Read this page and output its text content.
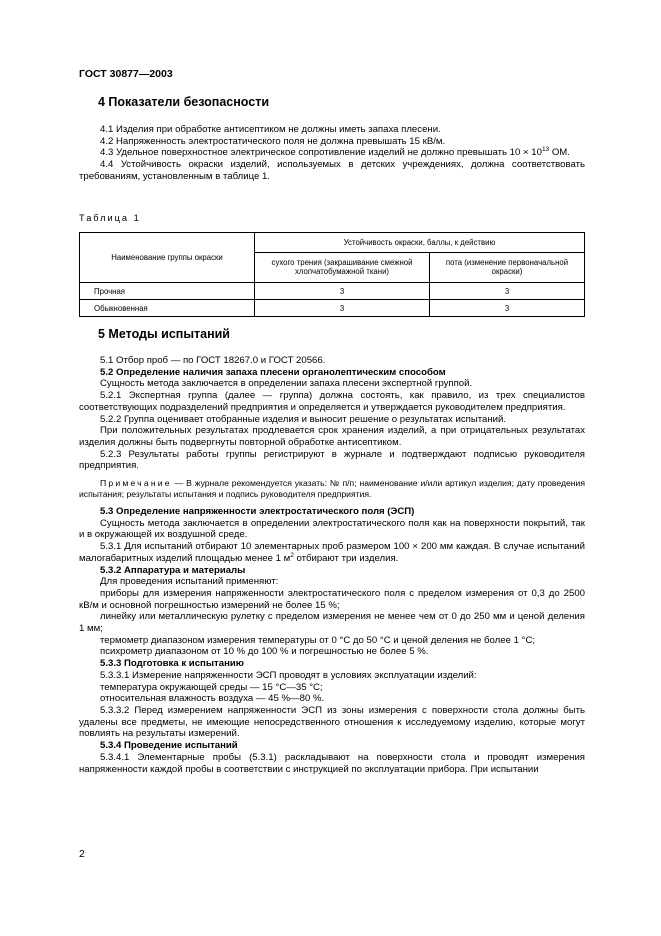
ГОСТ 30877—2003
4 Показатели безопасности

4.1 Изделия при обработке антисептиком не должны иметь запаха плесени.

4.2 Напряженность электростатического поля не должна превышать 15 кВ/м.

4.3 Удельное поверхностное электрическое сопротивление изделий не должно превышать $10 \times 10^{13}$ ОМ.

4.4 Устойчивость окраски изделий, используемых в детских учреждениях, должна соответствовать требованиям, установленным в таблице 1.

Таблица 1
Наименование группы окраски	Устойчивость окраски, баллы, к действию	
	сухого трения (закрашивание смежной хлопчатобумажной ткани)	пота (изменение первоначальной окраски)
Прочная	3	3
Обыкновенная	3	3
5 Методы испытаний

5.1 Отбор проб — по ГОСТ 18267.0 и ГОСТ 20566.

5.2 Определение наличия запаха плесени органолептическим способом

Сущность метода заключается в определении запаха плесени экспертной группой.

5.2.1 Экспертная группа (далее — группа) должна состоять, как правило, из трех специалистов соответствующих подразделений предприятия и определяется и утверждается руководителем предприятия.

5.2.2 Группа оценивает отобранные изделия и выносит решение о результатах испытаний.

При положительных результатах продлевается срок хранения изделий, а при отрицательных результатах изделия должны быть подвергнуты повторной обработке антисептиком.

5.2.3 Результаты работы группы регистрируют в журнале и подтверждают подписью руководителя предприятия.

Примечание — В журнале рекомендуется указать: № п/п; наименование и/или артикул изделия; дату проведения испытания; результаты испытания и подпись руководителя предприятия.

5.3 Определение напряженности электростатического поля (ЭСП)

Сущность метода заключается в определении электростатического поля как на поверхности покрытий, так и в окружающей их воздушной среде.

5.3.1 Для испытаний отбирают 10 элементарных проб размером 100 × 200 мм каждая. В случае испытаний малогабаритных изделий площадью менее 1 $м^2$ отбирают три изделия.

5.3.2 Аппаратура и материалы

Для проведения испытаний применяют:

приборы для измерения напряженности электростатического поля с пределом измерения от 0,3 до 2500 кВ/м и основной погрешностью измерений не более 15 %;

линейку или металлическую рулетку с пределом измерения не менее чем от 0 до 250 мм и ценой деления 1 мм;

термометр диапазоном измерения температуры от 0 °С до 50 °С и ценой деления не более 1 °С;

психрометр диапазоном от 10 % до 100 % и погрешностью не более 5 %.

5.3.3 Подготовка к испытанию

5.3.3.1 Измерение напряженности ЭСП проводят в условиях эксплуатации изделий:

температура окружающей среды — 15 °С—35 °С;

относительная влажность воздуха — 45 %—80 %.

5.3.3.2 Перед измерением напряженности ЭСП из зоны измерения с поверхности стола должны быть удалены все предметы, не имеющие непосредственного отношения к исследуемому изделию, которые могут повлиять на результаты измерений.

5.3.4 Проведение испытаний

5.3.4.1 Элементарные пробы (5.3.1) раскладывают на поверхности стола и проводят измерения напряженности каждой пробы в соответствии с инструкцией по эксплуатации прибора. При испытании

2
